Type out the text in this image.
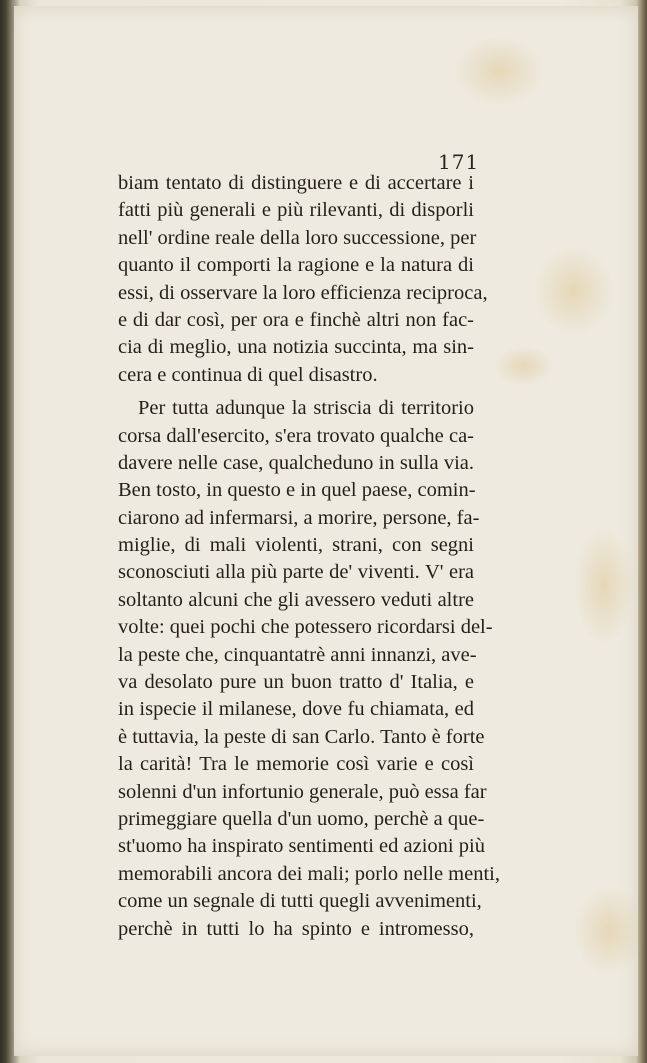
171
biam tentato di distinguere e di accertare i
fatti più generali e più rilevanti, di disporli
nell' ordine reale della loro successione, per
quanto il comporti la ragione e la natura di
essi, di osservare la loro efficienza reciproca,
e di dar così, per ora e finchè altri non fac-
cia di meglio, una notizia succinta, ma sin-
cera e continua di quel disastro.
Per tutta adunque la striscia di territorio
corsa dall'esercito, s'era trovato qualche ca-
davere nelle case, qualcheduno in sulla via.
Ben tosto, in questo e in quel paese, comin-
ciarono ad infermarsi, a morire, persone, fa-
miglie, di mali violenti, strani, con segni
sconosciuti alla più parte de' viventi. V' era
soltanto alcuni che gli avessero veduti altre
volte: quei pochi che potessero ricordarsi del-
la peste che, cinquantatrè anni innanzi, ave-
va desolato pure un buon tratto d' Italia, e
in ispecie il milanese, dove fu chiamata, ed
è tuttavia, la peste di san Carlo. Tanto è forte
la carità! Tra le memorie così varie e così
solenni d'un infortunio generale, può essa far
primeggiare quella d'un uomo, perchè a que-
st'uomo ha inspirato sentimenti ed azioni più
memorabili ancora dei mali; porlo nelle menti,
come un segnale di tutti quegli avvenimenti,
perchè in tutti lo ha spinto e intromesso,
